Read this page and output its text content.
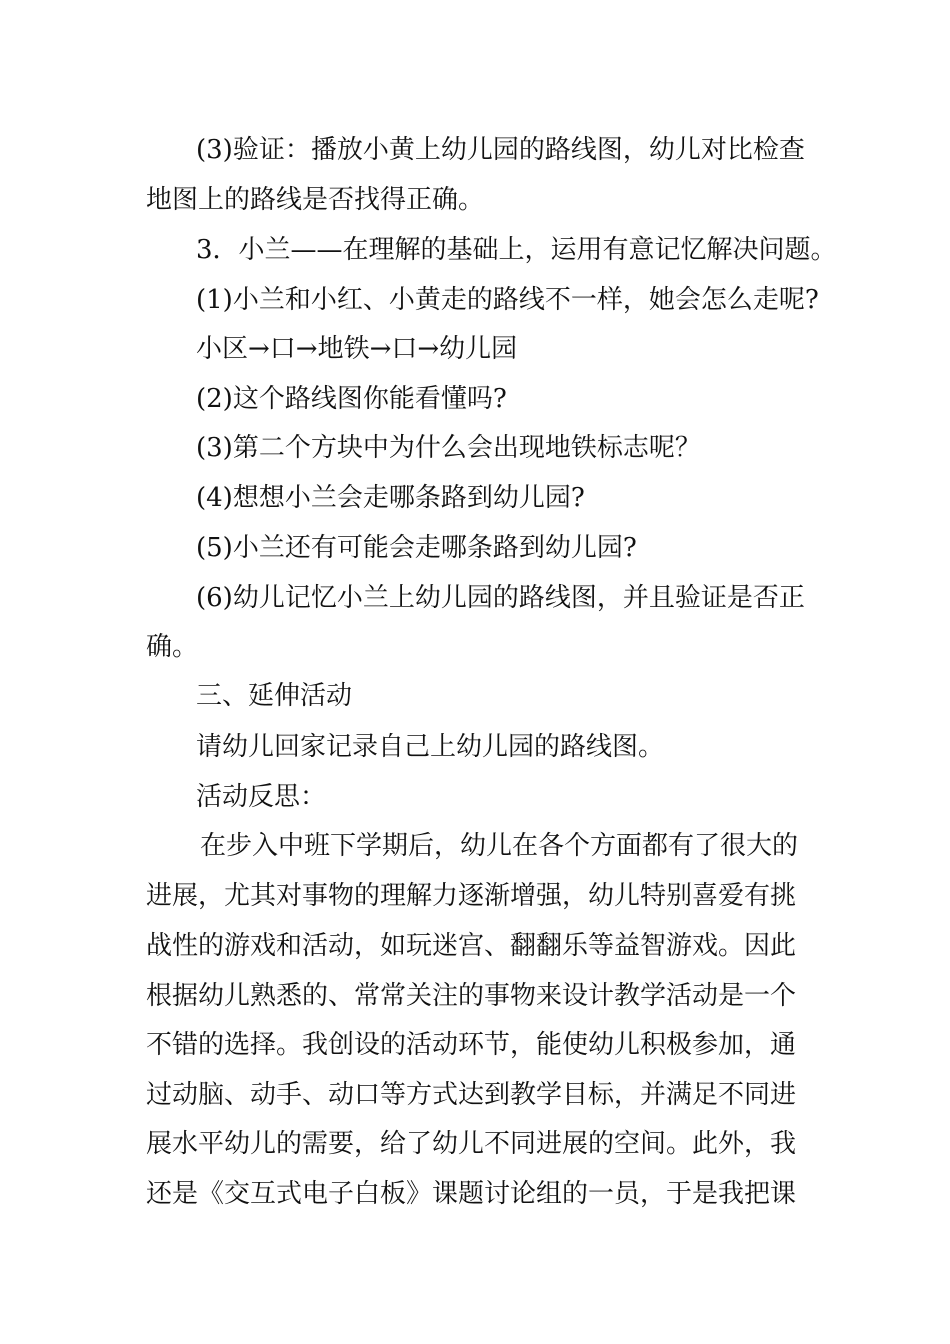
(3)验证：播放小黄上幼儿园的路线图，幼儿对比检查
地图上的路线是否找得正确。
3．小兰——在理解的基础上，运用有意记忆解决问题。
(1)小兰和小红、小黄走的路线不一样，她会怎么走呢?
小区→口→地铁→口→幼儿园
(2)这个路线图你能看懂吗?
(3)第二个方块中为什么会出现地铁标志呢？
(4)想想小兰会走哪条路到幼儿园?
(5)小兰还有可能会走哪条路到幼儿园?
(6)幼儿记忆小兰上幼儿园的路线图，并且验证是否正
确。
三、延伸活动
请幼儿回家记录自己上幼儿园的路线图。
活动反思：
在步入中班下学期后，幼儿在各个方面都有了很大的
进展，尤其对事物的理解力逐渐增强，幼儿特别喜爱有挑
战性的游戏和活动，如玩迷宫、翻翻乐等益智游戏。因此
根据幼儿熟悉的、常常关注的事物来设计教学活动是一个
不错的选择。我创设的活动环节，能使幼儿积极参加，通
过动脑、动手、动口等方式达到教学目标，并满足不同进
展水平幼儿的需要，给了幼儿不同进展的空间。此外，我
还是《交互式电子白板》课题讨论组的一员，于是我把课
